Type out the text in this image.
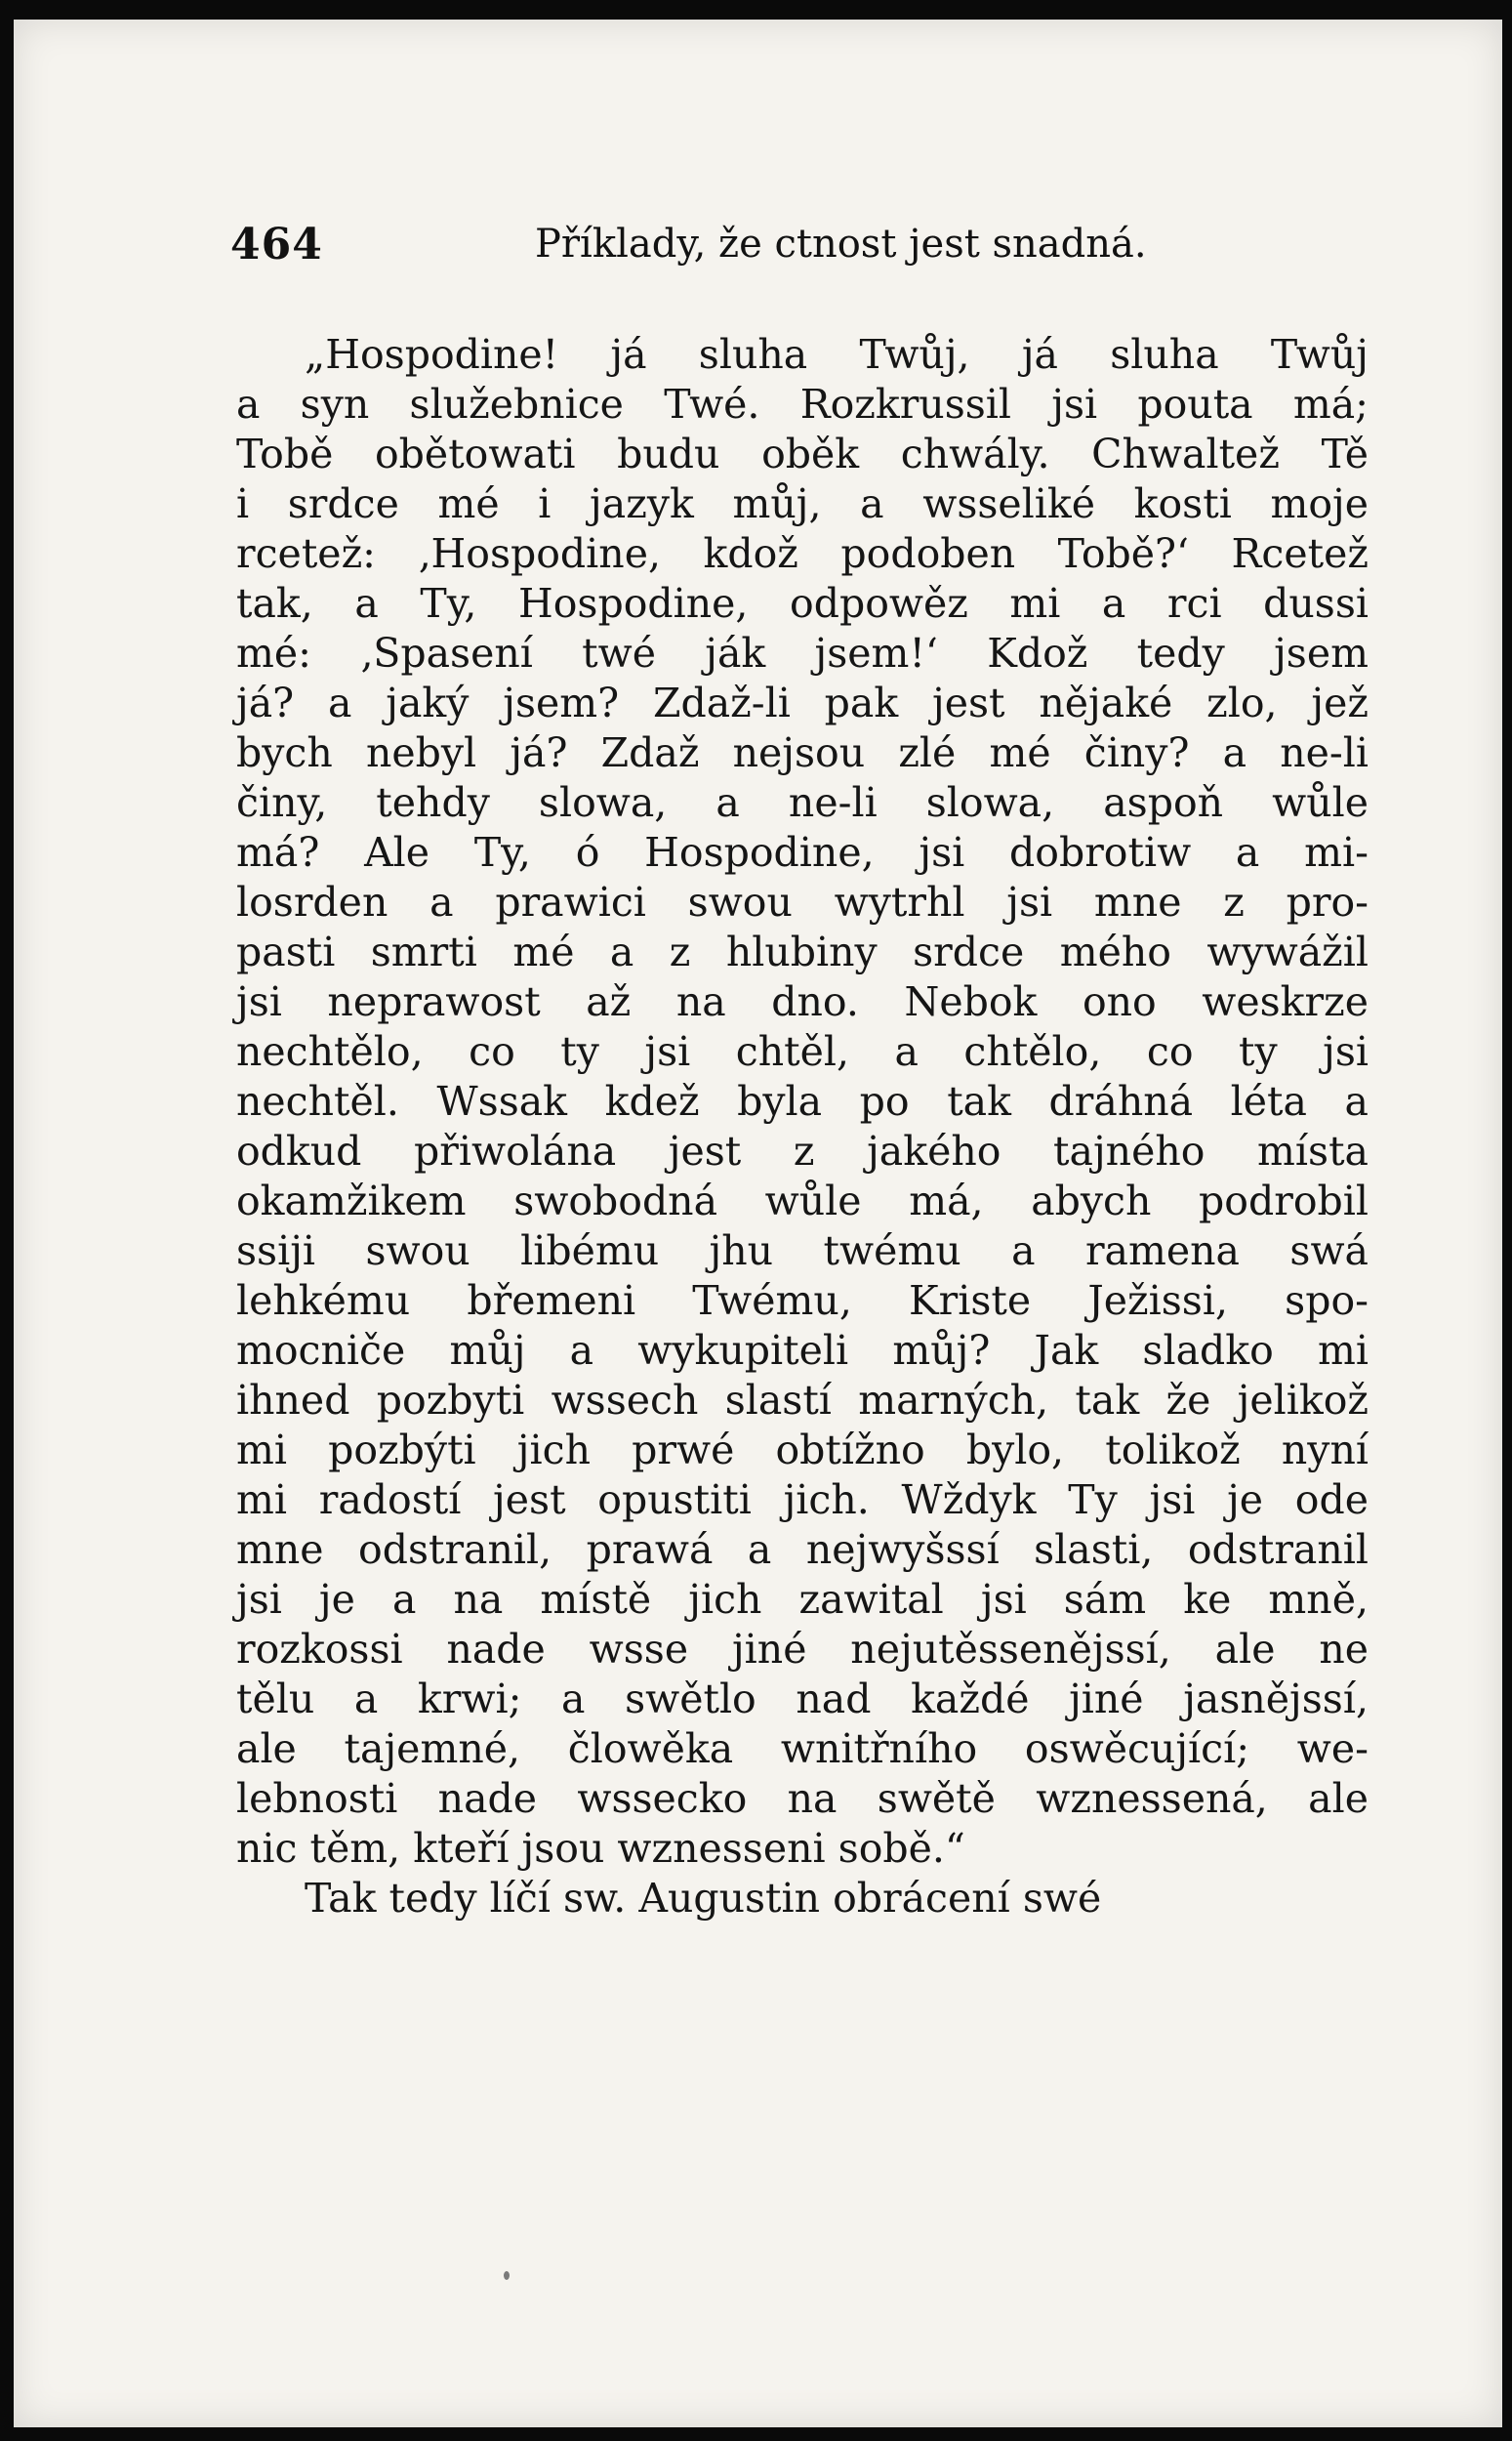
464	Příklady, že ctnost jest snadná.
„Hospodine! já sluha Twůj, já sluha Twůj
a syn služebnice Twé. Rozkrussil jsi pouta má;
Tobě obětowati budu oběk chwály. Chwaltež Tě
i srdce mé i jazyk můj, a wsseliké kosti moje
rcetež: ‚Hospodine, kdož podoben Tobě?‘ Rcetež
tak, a Ty, Hospodine, odpowěz mi a rci dussi
mé: ‚Spasení twé ják jsem!‘ Kdož tedy jsem
já? a jaký jsem? Zdaž-li pak jest nějaké zlo, jež
bych nebyl já? Zdaž nejsou zlé mé činy? a ne-li
činy, tehdy slowa, a ne-li slowa, aspoň wůle
má? Ale Ty, ó Hospodine, jsi dobrotiw a mi-
losrden a prawici swou wytrhl jsi mne z pro-
pasti smrti mé a z hlubiny srdce mého wywážil
jsi neprawost až na dno. Nebok ono weskrze
nechtělo, co ty jsi chtěl, a chtělo, co ty jsi
nechtěl. Wssak kdež byla po tak dráhná léta a
odkud přiwolána jest z jakého tajného místa
okamžikem swobodná wůle má, abych podrobil
ssiji swou libému jhu twému a ramena swá
lehkému břemeni Twému, Kriste Ježissi, spo-
mocniče můj a wykupiteli můj? Jak sladko mi
ihned pozbyti wssech slastí marných, tak že jelikož
mi pozbýti jich prwé obtížno bylo, tolikož nyní
mi radostí jest opustiti jich. Wždyk Ty jsi je ode
mne odstranil, prawá a nejwyšssí slasti, odstranil
jsi je a na místě jich zawital jsi sám ke mně,
rozkossi nade wsse jiné nejutěssenějssí, ale ne
tělu a krwi; a swětlo nad každé jiné jasnějssí,
ale tajemné, člowěka wnitřního oswěcující; we-
lebnosti nade wssecko na swětě wznessená, ale
nic těm, kteří jsou wznesseni sobě.“
Tak tedy líčí sw. Augustin obrácení swé
